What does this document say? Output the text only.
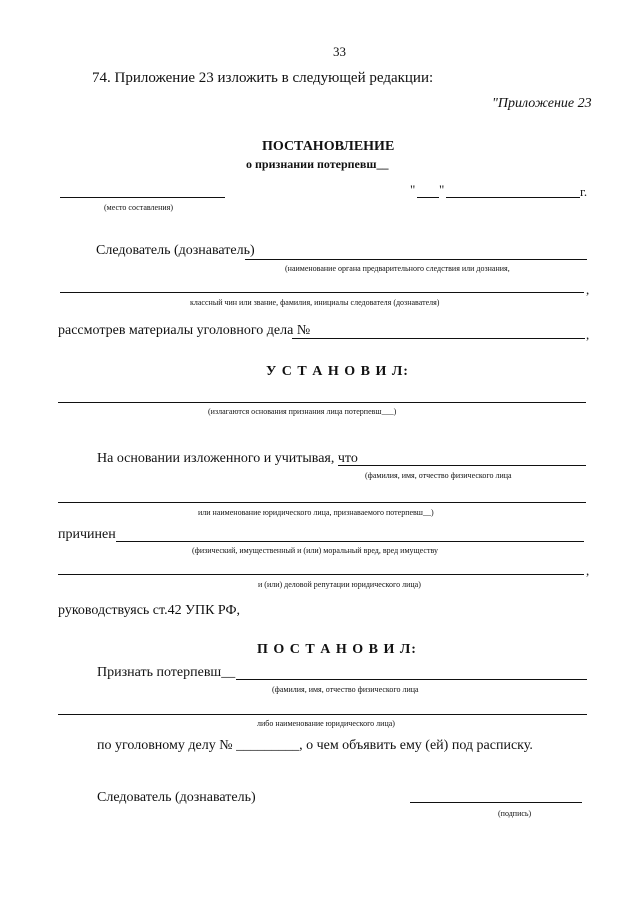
33
74. Приложение 23 изложить в следующей редакции:
"Приложение 23
ПОСТАНОВЛЕНИЕ
о признании потерпевш__
(место составления)
" "	г.
Следователь (дознаватель)
(наименование органа предварительного следствия или дознания,
,
классный чин или звание, фамилия, инициалы следователя (дознавателя)
рассмотрев материалы уголовного дела №	,
У С Т А Н О В И Л:
(излагаются основания признания лица потерпевш___)
На основании изложенного и учитывая, что
(фамилия, имя, отчество физического лица
или наименование юридического лица, признаваемого потерпевш__)
причинен
(физический, имущественный и (или) моральный вред, вред имуществу
,
и (или) деловой репутации юридического лица)
руководствуясь ст.42 УПК РФ,
П О С Т А Н О В И Л:
Признать потерпевш__
(фамилия, имя, отчество физического лица
либо наименование юридического лица)
по уголовному делу № _________, о чем объявить ему (ей) под расписку.
Следователь (дознаватель)
(подпись)
